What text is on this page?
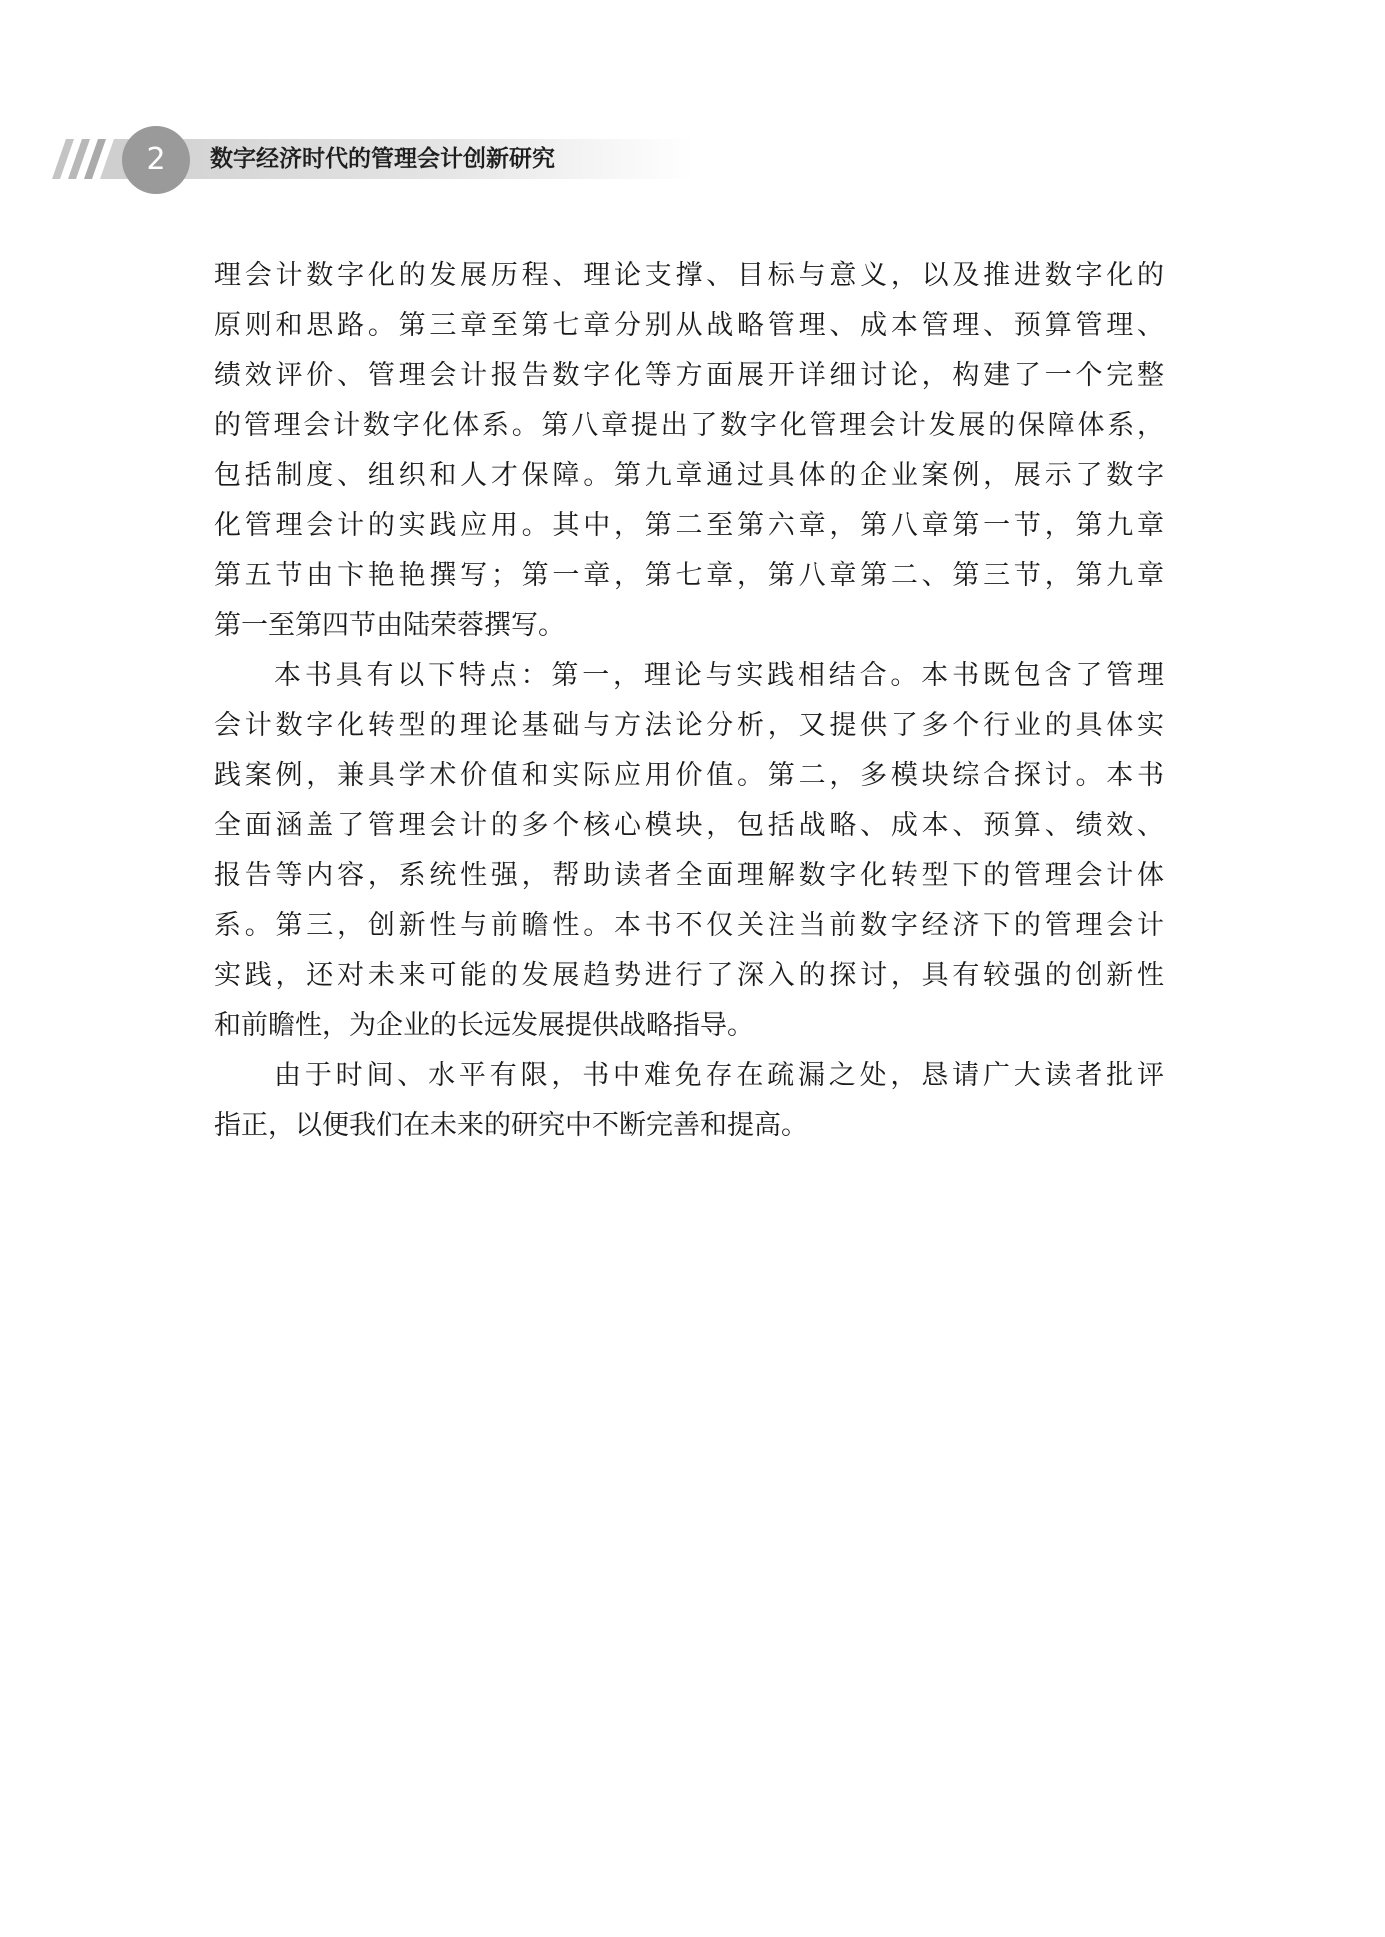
2 数字经济时代的管理会计创新研究
理会计数字化的发展历程、理论支撑、目标与意义，以及推进数字化的
原则和思路。第三章至第七章分别从战略管理、成本管理、预算管理、
绩效评价、管理会计报告数字化等方面展开详细讨论，构建了一个完整
的管理会计数字化体系。第八章提出了数字化管理会计发展的保障体系，
包括制度、组织和人才保障。第九章通过具体的企业案例，展示了数字
化管理会计的实践应用。其中，第二至第六章，第八章第一节，第九章
第五节由卞艳艳撰写；第一章，第七章，第八章第二、第三节，第九章
第一至第四节由陆荣蓉撰写。
本书具有以下特点：第一，理论与实践相结合。本书既包含了管理
会计数字化转型的理论基础与方法论分析，又提供了多个行业的具体实
践案例，兼具学术价值和实际应用价值。第二，多模块综合探讨。本书
全面涵盖了管理会计的多个核心模块，包括战略、成本、预算、绩效、
报告等内容，系统性强，帮助读者全面理解数字化转型下的管理会计体
系。第三，创新性与前瞻性。本书不仅关注当前数字经济下的管理会计
实践，还对未来可能的发展趋势进行了深入的探讨，具有较强的创新性
和前瞻性，为企业的长远发展提供战略指导。
由于时间、水平有限，书中难免存在疏漏之处，恳请广大读者批评
指正，以便我们在未来的研究中不断完善和提高。
